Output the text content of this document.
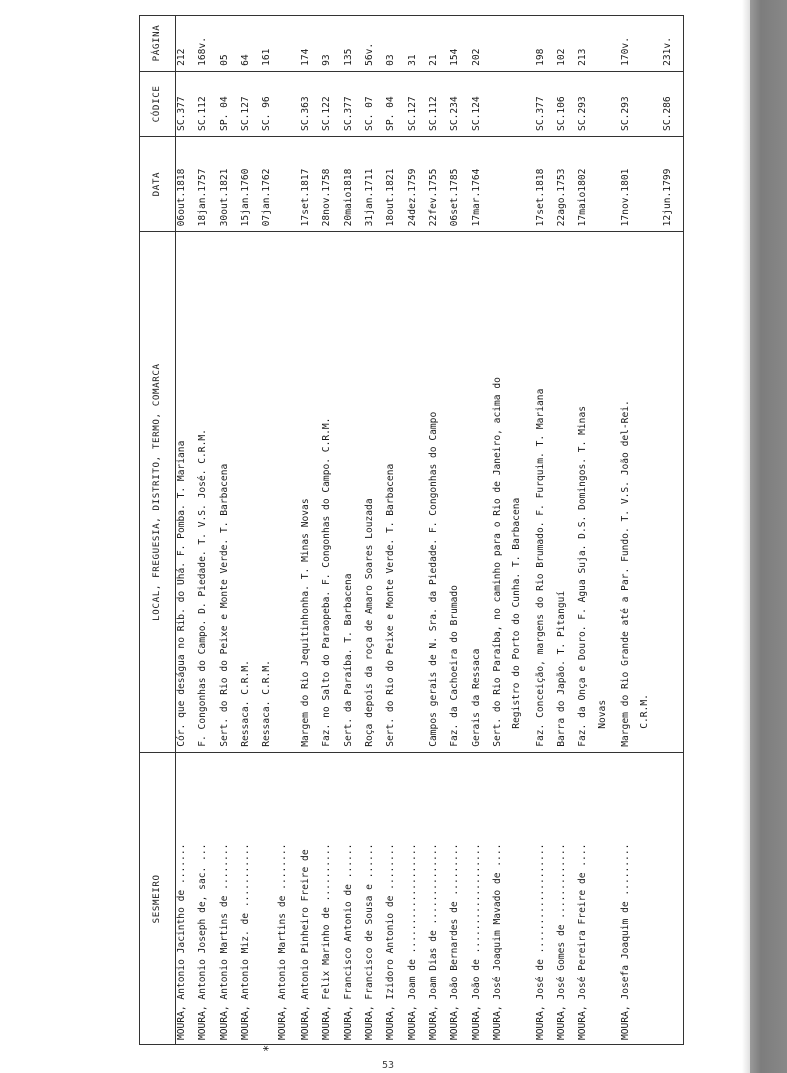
SESMEIRO	LOCAL, FREGUESIA, DISTRITO, TERMO, COMARCA	DATA	CÓDICE	PÁGINA

MOURA, Antonio Jacintho de .......	Cór. que deságua no Rib. do Uhá. F. Pomba. T. Mariana	06out.1818	SC.377	212

MOURA, Antonio Joseph de, sac. ...	F. Congonhas do Campo. D. Piedade. T. V.S. José. C.R.M.	18jan.1757	SC.112	168v.

MOURA, Antonio Martins de ........	Sert. do Rio do Peixe e Monte Verde. T. Barbacena	30out.1821	SP. 04	05

MOURA, Antonio Miz. de ...........	Ressaca. C.R.M.	15jan.1760	SC.127	64

*
MOURA, Antonio Martins de ........	Ressaca. C.R.M.	07jan.1762	SC. 96	161

MOURA, Antonio Pinheiro Freire de	Margem do Rio Jequitinhonha. T. Minas Novas	17set.1817	SC.363	174

MOURA, Felix Marinho de ..........	Faz. no Salto do Paraopeba. F. Congonhas do Campo. C.R.M.	28nov.1758	SC.122	93

MOURA, Francisco Antonio de ......	Sert. da Paraíba. T. Barbacena	20maio1818	SC.377	135

MOURA, Francisco de Sousa e ......	Roça depois da roça de Amaro Soares Louzada	31jan.1711	SC. 07	56v.

MOURA, Izidoro Antonio de ........	Sert. do Rio do Peixe e Monte Verde. T. Barbacena	18out.1821	SP. 04	03

MOURA, Joam de ...................		24dez.1759	SC.127	31

MOURA, Joam Dias de ..............	Campos gerais de N. Sra. da Piedade. F. Congonhas do Campo	22fev.1755	SC.112	21

MOURA, João Bernardes de .........	Faz. da Cachoeira do Brumado	06set.1785	SC.234	154

MOURA, João de ...................	Gerais da Ressaca	17mar.1764	SC.124	202

MOURA, José Joaquim Mavado de ....	Sert. do Rio Paraíba, no caminho para o Rio de Janeiro, acima do Registro do Porto do Cunha. T. Barbacena			

MOURA, José de ...................	Faz. Conceição, margens do Rio Brumado. F. Furquim. T. Mariana	17set.1818	SC.377	198

MOURA, José Gomes de .............	Barra do Japão. T. Pitanguí	22ago.1753	SC.106	102

MOURA, José Pereira Freire de ....	Faz. da Onça e Douro. F. Água Suja. D.S. Domingos. T. Minas Novas	17maio1802	SC.293	213

MOURA, Josefa Joaquim de .........	Margem do Rio Grande até a Par. Fundo. T. V.S. João del-Rei. C.R.M.	17nov.1801	SC.293	170v.

		12jun.1799	SC.286	231v.
53
